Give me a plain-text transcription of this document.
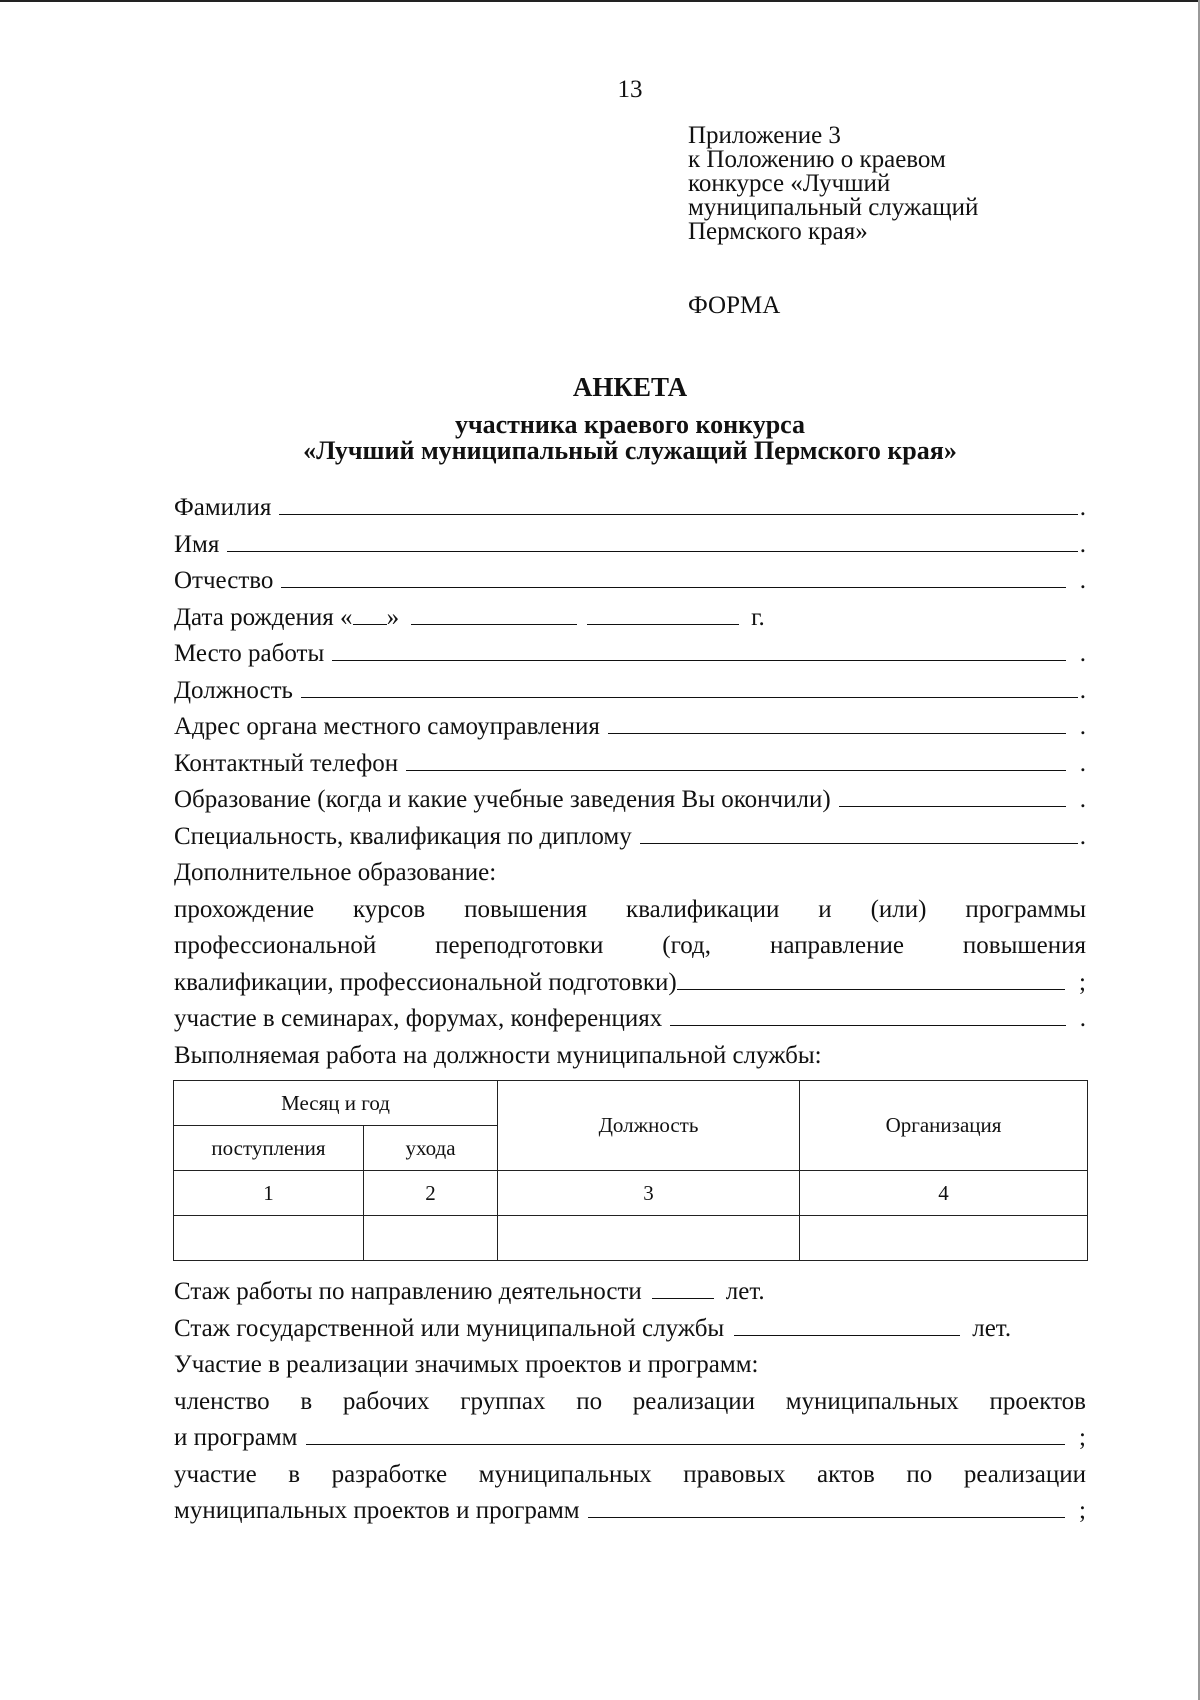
13
Приложение 3
к Положению о краевом
конкурсе «Лучший
муниципальный служащий
Пермского края»
ФОРМА
АНКЕТА
участника краевого конкурса
«Лучший муниципальный служащий Пермского края»
Фамилия	.
Имя	.
Отчество	.
Дата рождения « »	г.
Место работы	.
Должность	.
Адрес органа местного самоуправления	.
Контактный телефон	.
Образование (когда и какие учебные заведения Вы окончили)	.
Специальность, квалификация по диплому	.
Дополнительное образование:
прохождение курсов повышения квалификации и (или) программы
профессиональной переподготовки (год, направление повышения
квалификации, профессиональной подготовки)	;
участие в семинарах, форумах, конференциях	.
Выполняемая работа на должности муниципальной службы:
Месяц и год		Должность	Организация
поступления	ухода		
1	2	3	4

Стаж работы по направлению деятельности	лет.
Стаж государственной или муниципальной службы	лет.
Участие в реализации значимых проектов и программ:
членство в рабочих группах по реализации муниципальных проектов
и программ	;
участие в разработке муниципальных правовых актов по реализации
муниципальных проектов и программ	;
